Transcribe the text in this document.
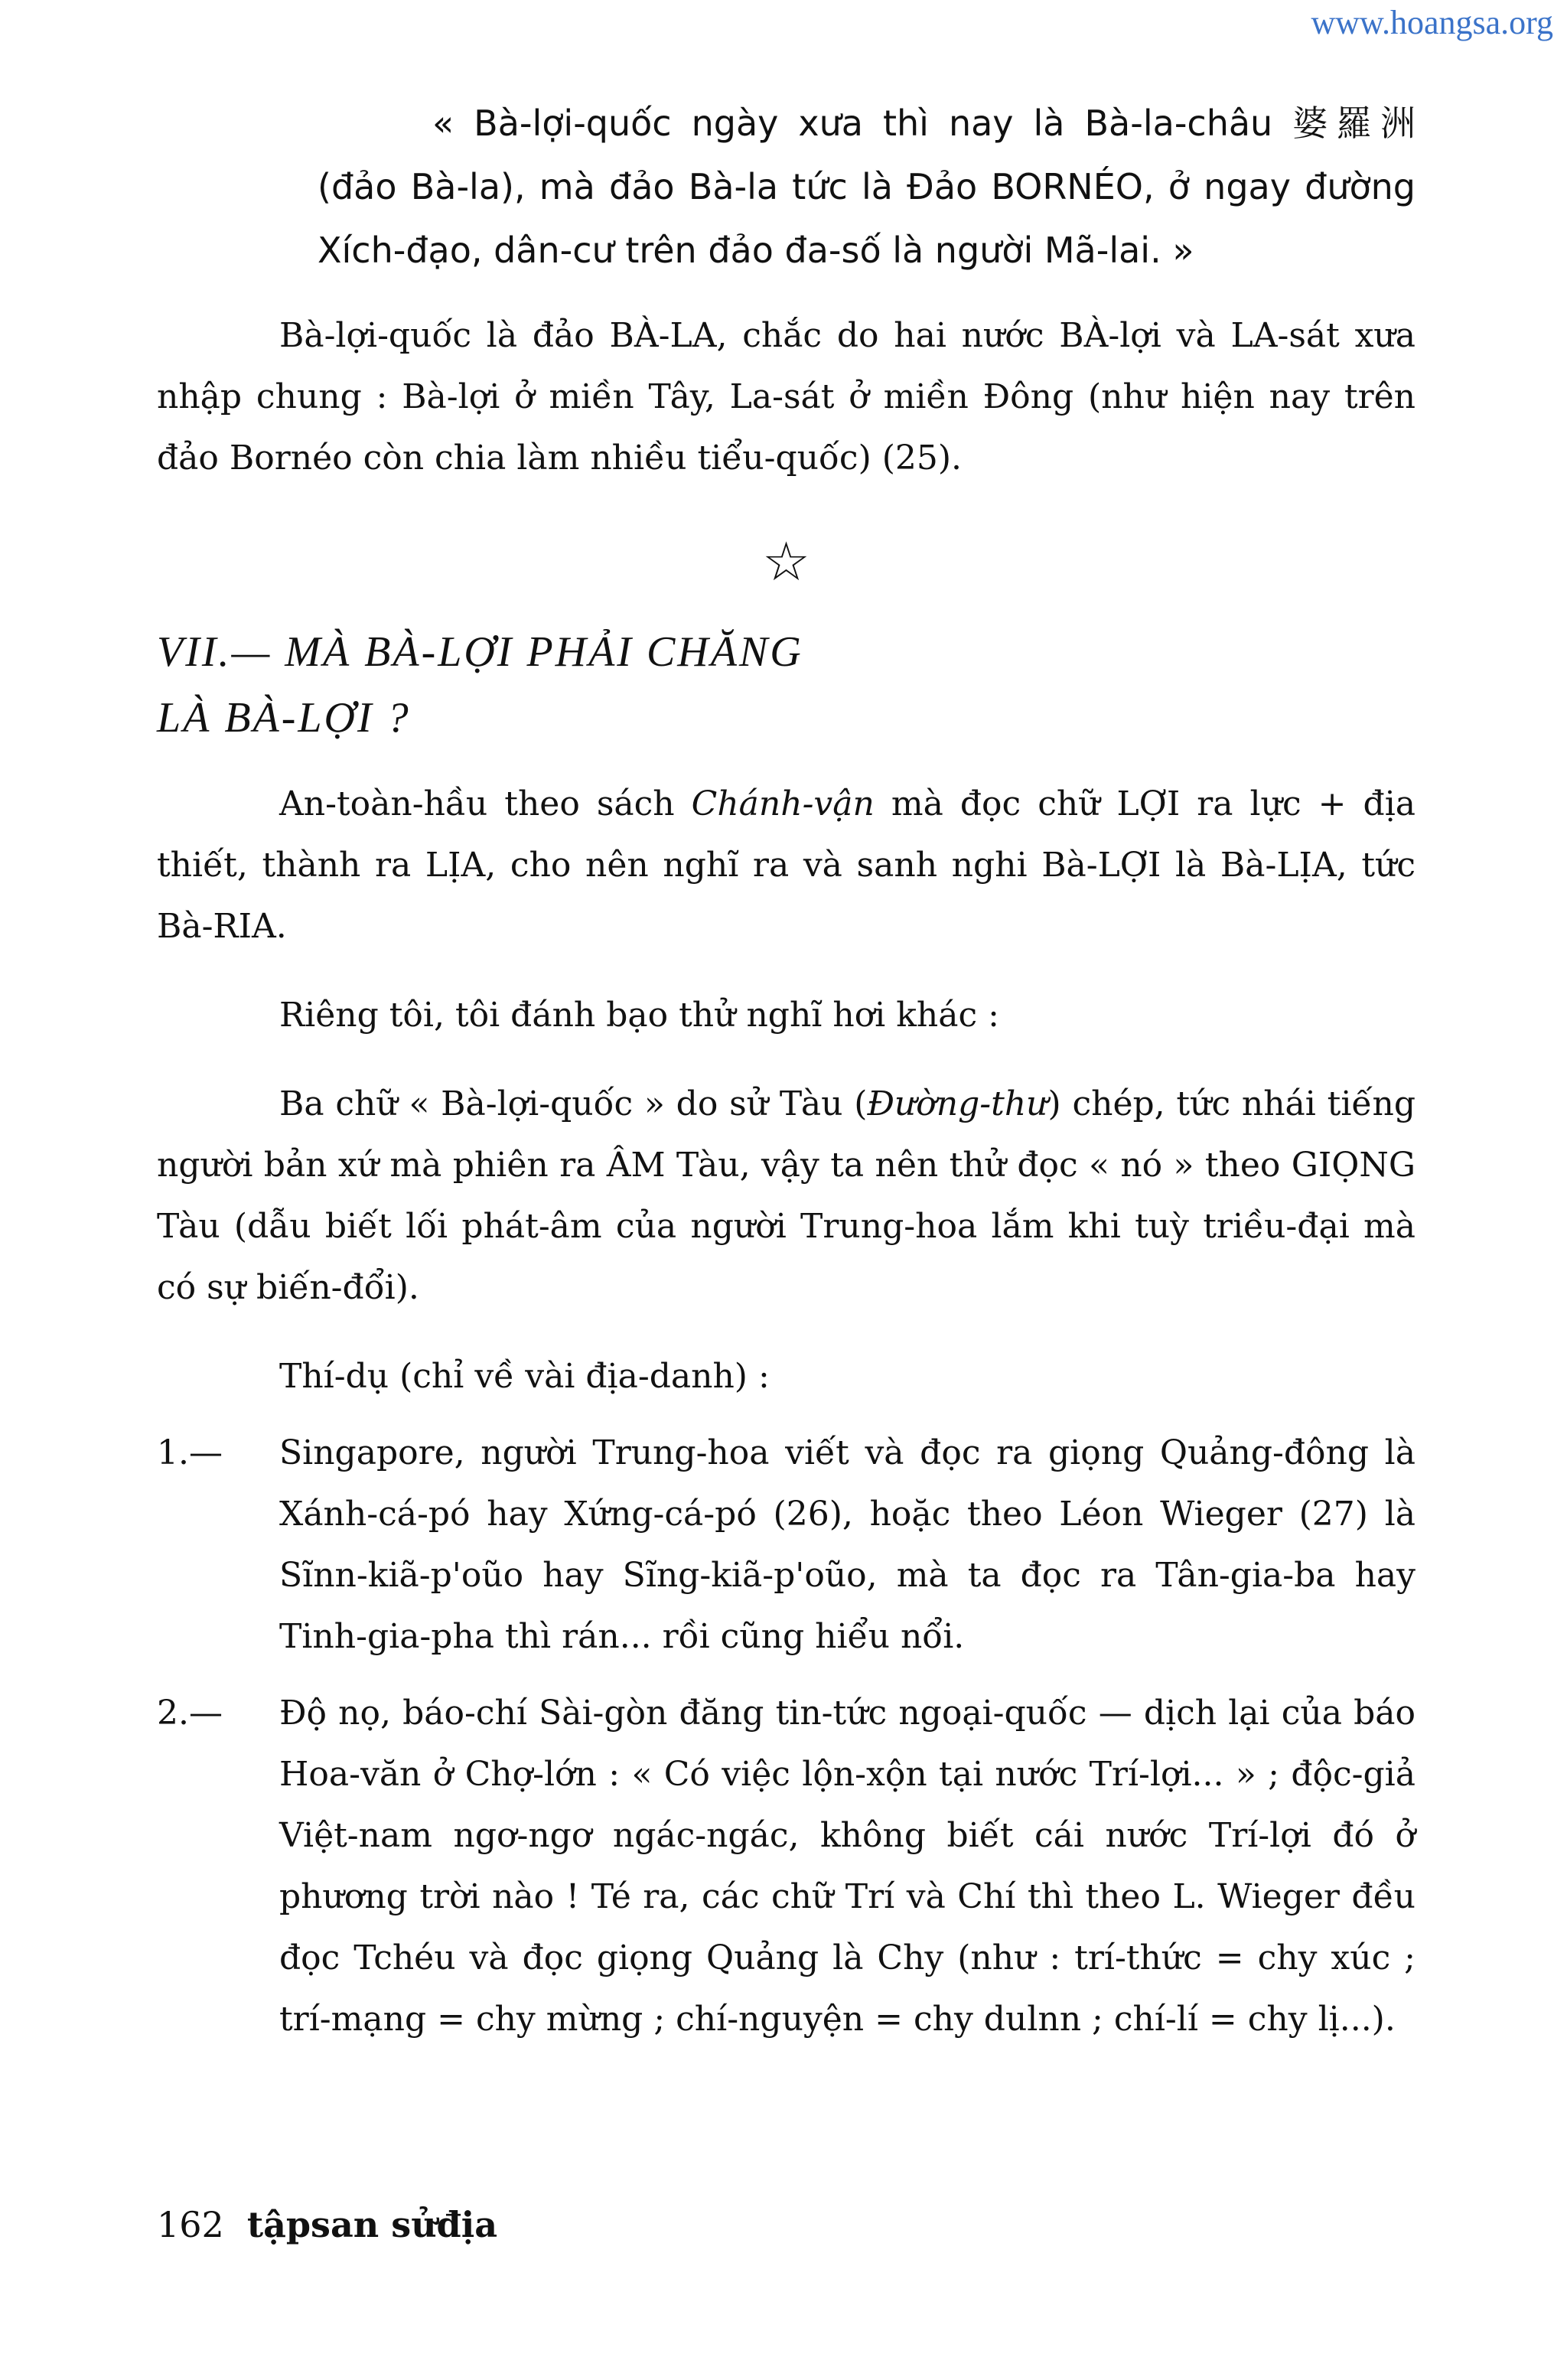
www.hoangsa.org
« Bà-lợi-quốc ngày xưa thì nay là Bà-la-châu 婆羅洲 (đảo Bà-la), mà đảo Bà-la tức là Đảo BORNÉO, ở ngay đường Xích-đạo, dân-cư trên đảo đa-số là người Mã-lai. »

Bà-lợi-quốc là đảo BÀ-LA, chắc do hai nước BÀ-lợi và LA-sát xưa nhập chung : Bà-lợi ở miền Tây, La-sát ở miền Đông (như hiện nay trên đảo Bornéo còn chia làm nhiều tiểu-quốc) (25).

☆
VII.— MÀ BÀ-LỢI PHẢI CHĂNG
LÀ BÀ-LỢI ?

An-toàn-hầu theo sách Chánh-vận mà đọc chữ LỢI ra lực + địa thiết, thành ra LỊA, cho nên nghĩ ra và sanh nghi Bà-LỢI là Bà-LỊA, tức Bà-RIA.

Riêng tôi, tôi đánh bạo thử nghĩ hơi khác :

Ba chữ « Bà-lợi-quốc » do sử Tàu (Đường-thư) chép, tức nhái tiếng người bản xứ mà phiên ra ÂM Tàu, vậy ta nên thử đọc « nó » theo GIỌNG Tàu (dẫu biết lối phát-âm của người Trung-hoa lắm khi tuỳ triều-đại mà có sự biến-đổi).

Thí-dụ (chỉ về vài địa-danh) :

1.—	Singapore, người Trung-hoa viết và đọc ra giọng Quảng-đông là Xánh-cá-pó hay Xứng-cá-pó (26), hoặc theo Léon Wieger (27) là Sĩnn-kiã-p'oũo hay Sĩng-kiã-p'oũo, mà ta đọc ra Tân-gia-ba hay Tinh-gia-pha thì rán... rồi cũng hiểu nổi.
2.—	Độ nọ, báo-chí Sài-gòn đăng tin-tức ngoại-quốc — dịch lại của báo Hoa-văn ở Chợ-lớn : « Có việc lộn-xộn tại nước Trí-lợi... » ; độc-giả Việt-nam ngơ-ngơ ngác-ngác, không biết cái nước Trí-lợi đó ở phương trời nào ! Té ra, các chữ Trí và Chí thì theo L. Wieger đều đọc Tchéu và đọc giọng Quảng là Chy (như : trí-thức = chy xúc ; trí-mạng = chy mừng ; chí-nguyện = chy dulnn ; chí-lí = chy lị...).
162 tậpsan sửđịa
